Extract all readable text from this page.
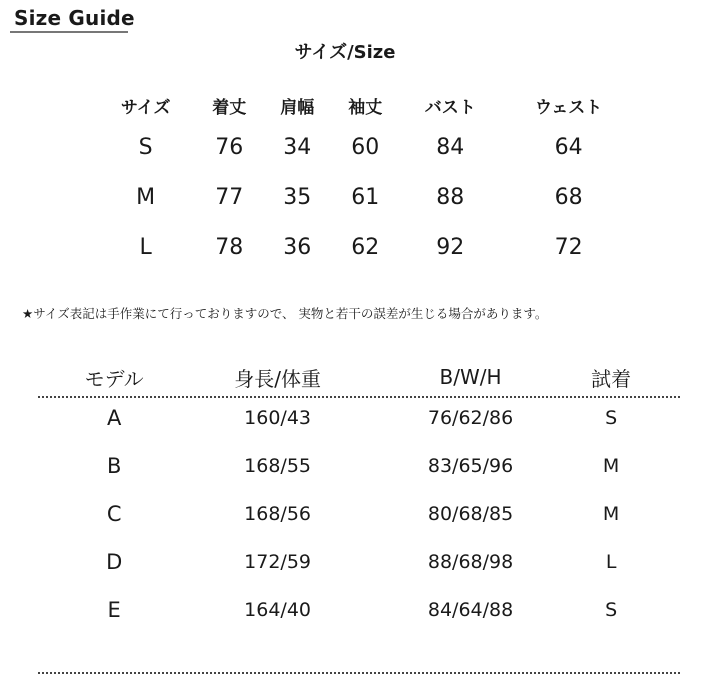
Size Guide
サイズ/Size
サイズ	着丈	肩幅	袖丈	バスト	ウェスト
S	76	34	60	84	64
M	77	35	61	88	68
L	78	36	62	92	72
★サイズ表記は手作業にて行っておりますので、 実物と若干の誤差が生じる場合があります。
モデル	身長/体重	B/W/H	試着
A	160/43	76/62/86	S
B	168/55	83/65/96	M
C	168/56	80/68/85	M
D	172/59	88/68/98	L
E	164/40	84/64/88	S
